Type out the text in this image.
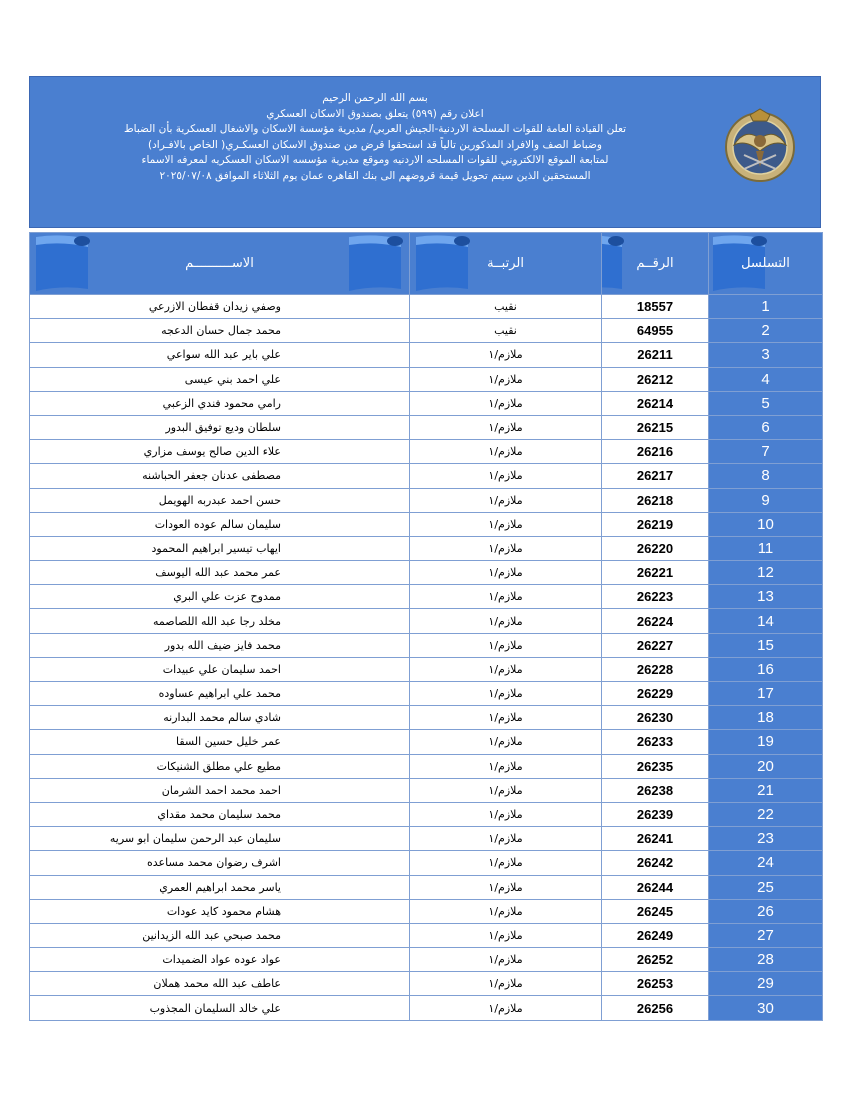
بسم الله الرحمن الرحيم
اعلان رقم (٥٩٩) يتعلق بصندوق الاسكان العسكري
تعلن القيادة العامة للقوات المسلحة الاردنية-الجيش العربي/ مديرية مؤسسة الاسكان والاشغال العسكرية بأن الضباط
وضباط الصف والافراد المذكورين تالياً قد استحقوا قرض من صندوق الاسكان العسكـري( الخاص بالافـراد)
لمتابعة الموقع الالكتروني للقوات المسلحه الاردنيه وموقع مديرية مؤسسه الاسكان العسكريه لمعرفه الاسماء
المستحقين الذين سيتم تحويل قيمة قروضهم الى بنك القاهره عمان يوم الثلاثاء الموافق ٢٠٢٥/٠٧/٠٨
الاســــــــــم	الرتبــة	الرقــم	التسلسل
وصفي زيدان قفطان الازرعي	نقيب	18557	1
محمد جمال حسان الدعجه	نقيب	64955	2
علي باير عبد الله سواعي	ملازم/١	26211	3
علي احمد بني عيسى	ملازم/١	26212	4
رامي محمود فندي الزعبي	ملازم/١	26214	5
سلطان وديع توفيق البدور	ملازم/١	26215	6
علاء الدين صالح يوسف مزاري	ملازم/١	26216	7
مصطفى عدنان جعفر الحباشنه	ملازم/١	26217	8
حسن احمد عبدربه الهويمل	ملازم/١	26218	9
سليمان سالم عوده العودات	ملازم/١	26219	10
ايهاب تيسير ابراهيم المحمود	ملازم/١	26220	11
عمر محمد عبد الله اليوسف	ملازم/١	26221	12
ممدوح عزت علي البري	ملازم/١	26223	13
مخلد رجا عبد الله اللصاصمه	ملازم/١	26224	14
محمد فايز ضيف الله بدور	ملازم/١	26227	15
احمد سليمان علي عبيدات	ملازم/١	26228	16
محمد علي ابراهيم عساوده	ملازم/١	26229	17
شادي سالم محمد البدارنه	ملازم/١	26230	18
عمر خليل حسين السقا	ملازم/١	26233	19
مطيع علي مطلق الشنيكات	ملازم/١	26235	20
احمد محمد احمد الشرمان	ملازم/١	26238	21
محمد سليمان محمد مقداي	ملازم/١	26239	22
سليمان عبد الرحمن سليمان ابو سريه	ملازم/١	26241	23
اشرف رضوان محمد مساعده	ملازم/١	26242	24
ياسر محمد ابراهيم العمري	ملازم/١	26244	25
هشام محمود كايد عودات	ملازم/١	26245	26
محمد صبحي عبد الله الزيدانين	ملازم/١	26249	27
عواد عوده عواد الضميدات	ملازم/١	26252	28
عاطف عبد الله محمد هملان	ملازم/١	26253	29
علي خالد السليمان المجذوب	ملازم/١	26256	30
